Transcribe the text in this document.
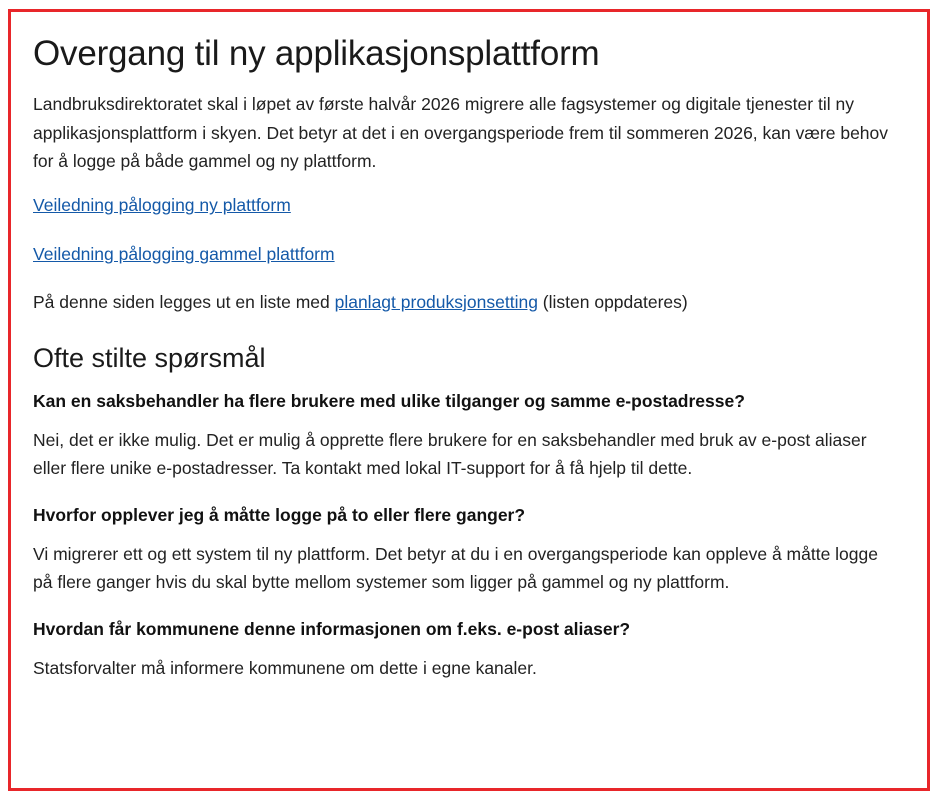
Overgang til ny applikasjonsplattform

Landbruksdirektoratet skal i løpet av første halvår 2026 migrere alle fagsystemer og digitale tjenester til ny applikasjonsplattform i skyen. Det betyr at det i en overgangsperiode frem til sommeren 2026, kan være behov for å logge på både gammel og ny plattform.

Veiledning pålogging ny plattform
Veiledning pålogging gammel plattform

På denne siden legges ut en liste med planlagt produksjonsetting (listen oppdateres)

Ofte stilte spørsmål
Kan en saksbehandler ha flere brukere med ulike tilganger og samme e-postadresse?

Nei, det er ikke mulig. Det er mulig å opprette flere brukere for en saksbehandler med bruk av e-post aliaser eller flere unike e-postadresser. Ta kontakt med lokal IT-support for å få hjelp til dette.

Hvorfor opplever jeg å måtte logge på to eller flere ganger?

Vi migrerer ett og ett system til ny plattform. Det betyr at du i en overgangsperiode kan oppleve å måtte logge på flere ganger hvis du skal bytte mellom systemer som ligger på gammel og ny plattform.

Hvordan får kommunene denne informasjonen om f.eks. e-post aliaser?

Statsforvalter må informere kommunene om dette i egne kanaler.
